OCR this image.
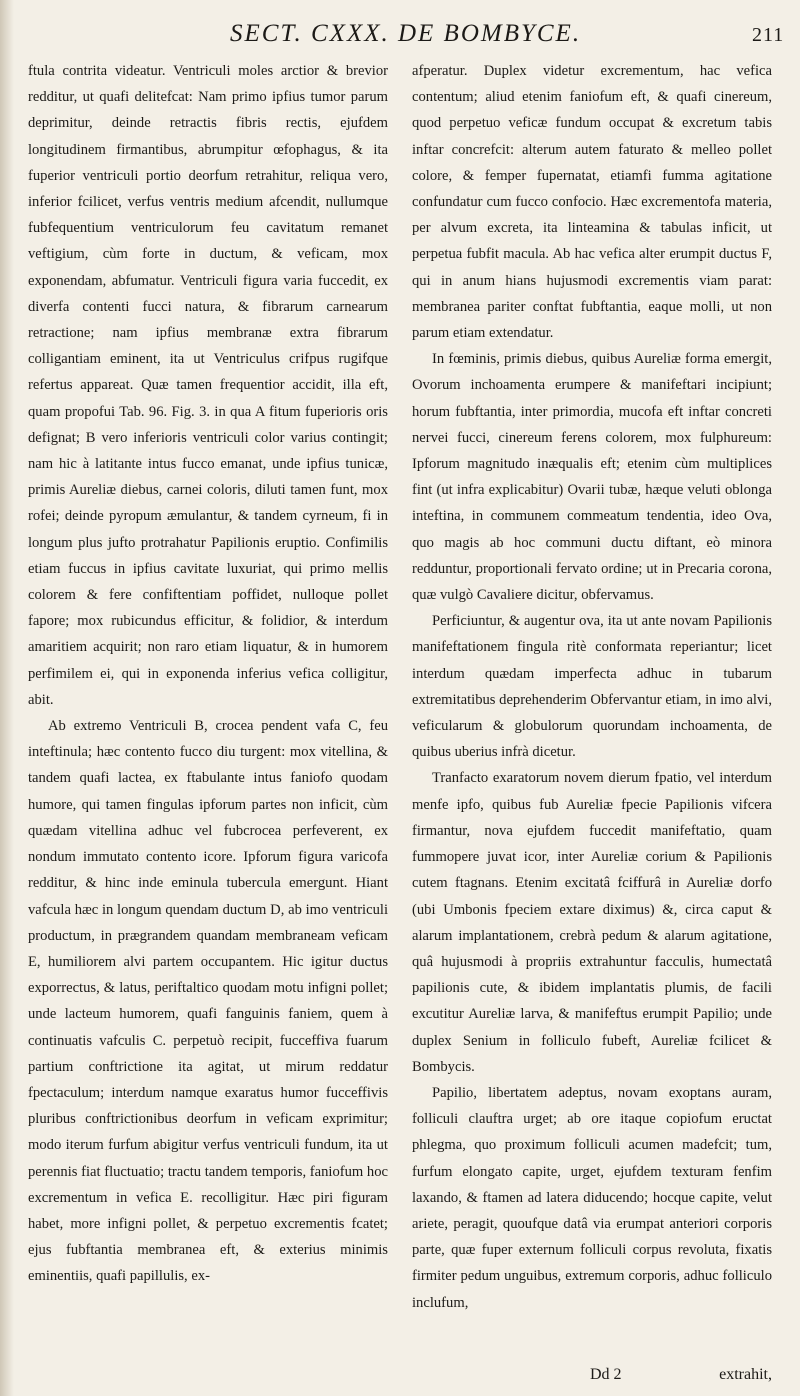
SECT. CXXX. DE BOMBYCE.	211

ftula contrita videatur. Ventriculi moles arctior & brevior redditur, ut quafi delitefcat: Nam primo ipfius tumor parum deprimitur, deinde retractis fibris rectis, ejufdem longitudinem firmantibus, abrumpitur œfophagus, & ita fuperior ventriculi portio deorfum retrahitur, reliqua vero, inferior fcilicet, verfus ventris medium afcendit, nullumque fubfequentium ventriculorum feu cavitatum remanet veftigium, cùm forte in ductum, & veficam, mox exponendam, abfumatur. Ventriculi figura varia fuccedit, ex diverfa contenti fucci natura, & fibrarum carnearum retractione; nam ipfius membranæ extra fibrarum colligantiam eminent, ita ut Ventriculus crifpus rugifque refertus appareat. Quæ tamen frequentior accidit, illa eft, quam propofui Tab. 96. Fig. 3. in qua A fitum fuperioris oris defignat; B vero inferioris ventriculi color varius contingit; nam hic à latitante intus fucco emanat, unde ipfius tunicæ, primis Aureliæ diebus, carnei coloris, diluti tamen funt, mox rofei; deinde pyropum æmulantur, & tandem cyrneum, fi in longum plus jufto protrahatur Papilionis eruptio. Confimilis etiam fuccus in ipfius cavitate luxuriat, qui primo mellis colorem & fere confiftentiam poffidet, nulloque pollet fapore; mox rubicundus efficitur, & folidior, & interdum amaritiem acquirit; non raro etiam liquatur, & in humorem perfimilem ei, qui in exponenda inferius vefica colligitur, abit.

Ab extremo Ventriculi B, crocea pendent vafa C, feu inteftinula; hæc contento fucco diu turgent: mox vitellina, & tandem quafi lactea, ex ftabulante intus faniofo quodam humore, qui tamen fingulas ipforum partes non inficit, cùm quædam vitellina adhuc vel fubcrocea perfeverent, ex nondum immutato contento icore. Ipforum figura varicofa redditur, & hinc inde eminula tubercula emergunt. Hiant vafcula hæc in longum quendam ductum D, ab imo ventriculi productum, in prægrandem quandam membraneam veficam E, humiliorem alvi partem occupantem. Hic igitur ductus exporrectus, & latus, periftaltico quodam motu infigni pollet; unde lacteum humorem, quafi fanguinis faniem, quem à continuatis vafculis C. perpetuò recipit, fucceffiva fuarum partium conftrictione ita agitat, ut mirum reddatur fpectaculum; interdum namque exaratus humor fucceffivis pluribus conftrictionibus deorfum in veficam exprimitur; modo iterum furfum abigitur verfus ventriculi fundum, ita ut perennis fiat fluctuatio; tractu tandem temporis, faniofum hoc excrementum in vefica E. recolligitur. Hæc piri figuram habet, more infigni pollet, & perpetuo excrementis fcatet; ejus fubftantia membranea eft, & exterius minimis eminentiis, quafi papillulis, ex-

afperatur. Duplex videtur excrementum, hac vefica contentum; aliud etenim faniofum eft, & quafi cinereum, quod perpetuo veficæ fundum occupat & excretum tabis inftar concrefcit: alterum autem faturato & melleo pollet colore, & femper fupernatat, etiamfi fumma agitatione confundatur cum fucco confocio. Hæc excrementofa materia, per alvum excreta, ita linteamina & tabulas inficit, ut perpetua fubfit macula. Ab hac vefica alter erumpit ductus F, qui in anum hians hujusmodi excrementis viam parat: membranea pariter conftat fubftantia, eaque molli, ut non parum etiam extendatur.

In fœminis, primis diebus, quibus Aureliæ forma emergit, Ovorum inchoamenta erumpere & manifeftari incipiunt; horum fubftantia, inter primordia, mucofa eft inftar concreti nervei fucci, cinereum ferens colorem, mox fulphureum: Ipforum magnitudo inæqualis eft; etenim cùm multiplices fint (ut infra explicabitur) Ovarii tubæ, hæque veluti oblonga inteftina, in communem commeatum tendentia, ideo Ova, quo magis ab hoc communi ductu diftant, eò minora redduntur, proportionali fervato ordine; ut in Precaria corona, quæ vulgò Cavaliere dicitur, obfervamus.

Perficiuntur, & augentur ova, ita ut ante novam Papilionis manifeftationem fingula ritè conformata reperiantur; licet interdum quædam imperfecta adhuc in tubarum extremitatibus deprehenderim Obfervantur etiam, in imo alvi, veficularum & globulorum quorundam inchoamenta, de quibus uberius infrà dicetur.

Tranfacto exaratorum novem dierum fpatio, vel interdum menfe ipfo, quibus fub Aureliæ fpecie Papilionis vifcera firmantur, nova ejufdem fuccedit manifeftatio, quam fummopere juvat icor, inter Aureliæ corium & Papilionis cutem ftagnans. Etenim excitatâ fciffurâ in Aureliæ dorfo (ubi Umbonis fpeciem extare diximus) &, circa caput & alarum implantationem, crebrà pedum & alarum agitatione, quâ hujusmodi à propriis extrahuntur facculis, humectatâ papilionis cute, & ibidem implantatis plumis, de facili excutitur Aureliæ larva, & manifeftus erumpit Papilio; unde duplex Senium in folliculo fubeft, Aureliæ fcilicet & Bombycis.

Papilio, libertatem adeptus, novam exoptans auram, folliculi clauftra urget; ab ore itaque copiofum eructat phlegma, quo proximum folliculi acumen madefcit; tum, furfum elongato capite, urget, ejufdem texturam fenfim laxando, & ftamen ad latera diducendo; hocque capite, velut ariete, peragit, quoufque datâ via erumpat anteriori corporis parte, quæ fuper externum folliculi corpus revoluta, fixatis firmiter pedum unguibus, extremum corporis, adhuc folliculo inclufum,

Dd 2	extrahit,
